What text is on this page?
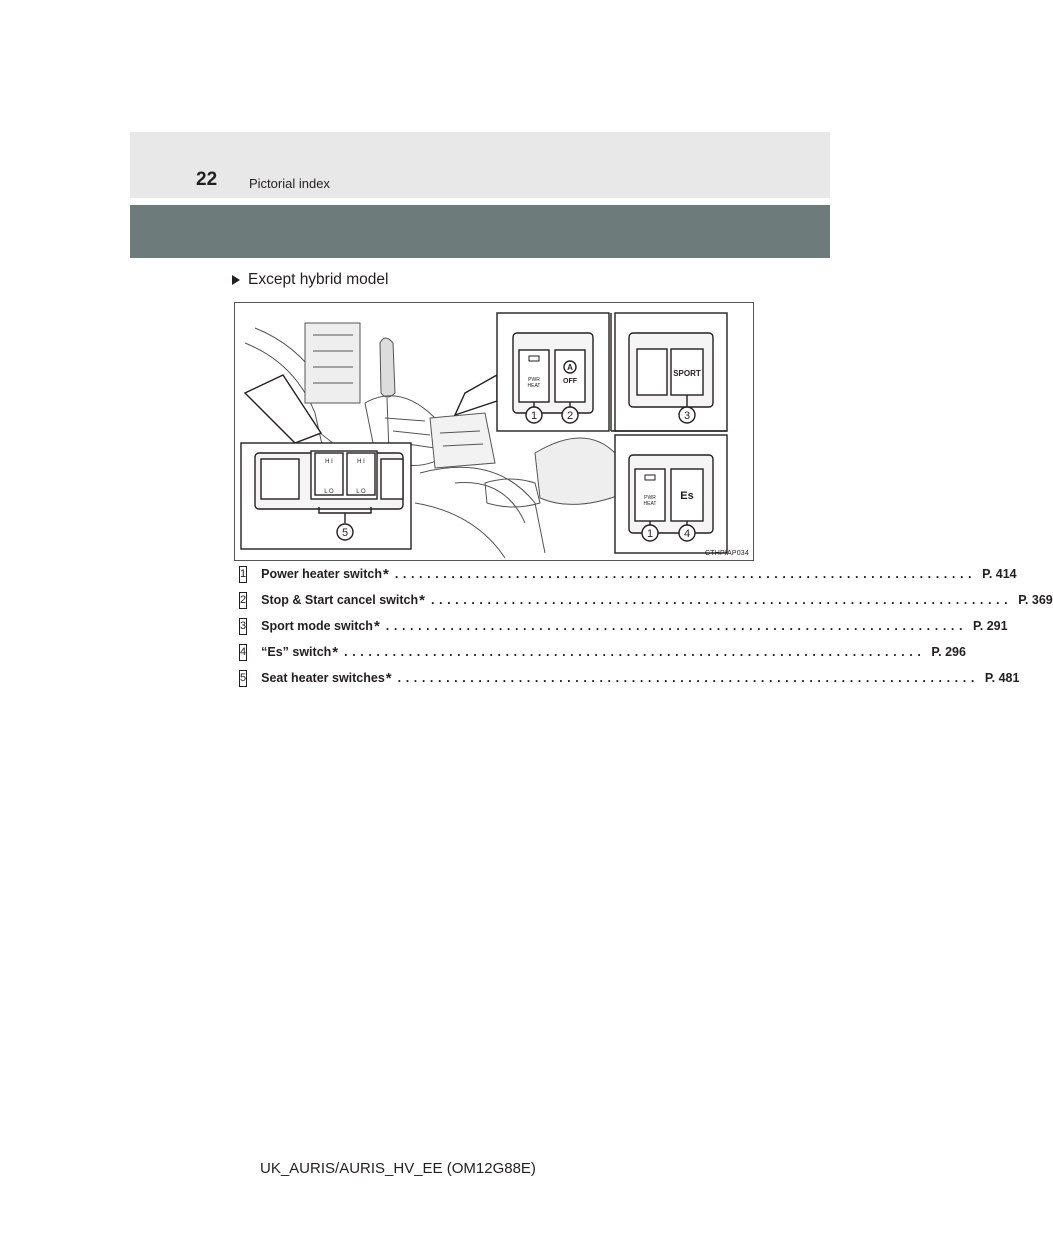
22 Pictorial index
Except hybrid model
PWR
HEAT
A
OFF
SPORT
PWR
HEAT
Es
H I	H I
L O	L O
1	2	3
1	4
5
CTHPIAP034
1 Power heater switch * ........................................................................ P. 414
2 Stop & Start cancel switch * ........................................................................ P. 369
3 Sport mode switch * ........................................................................ P. 291
4 “Es” switch * ........................................................................ P. 296
5 Seat heater switches * ........................................................................ P. 481
UK_AURIS/AURIS_HV_EE (OM12G88E)
